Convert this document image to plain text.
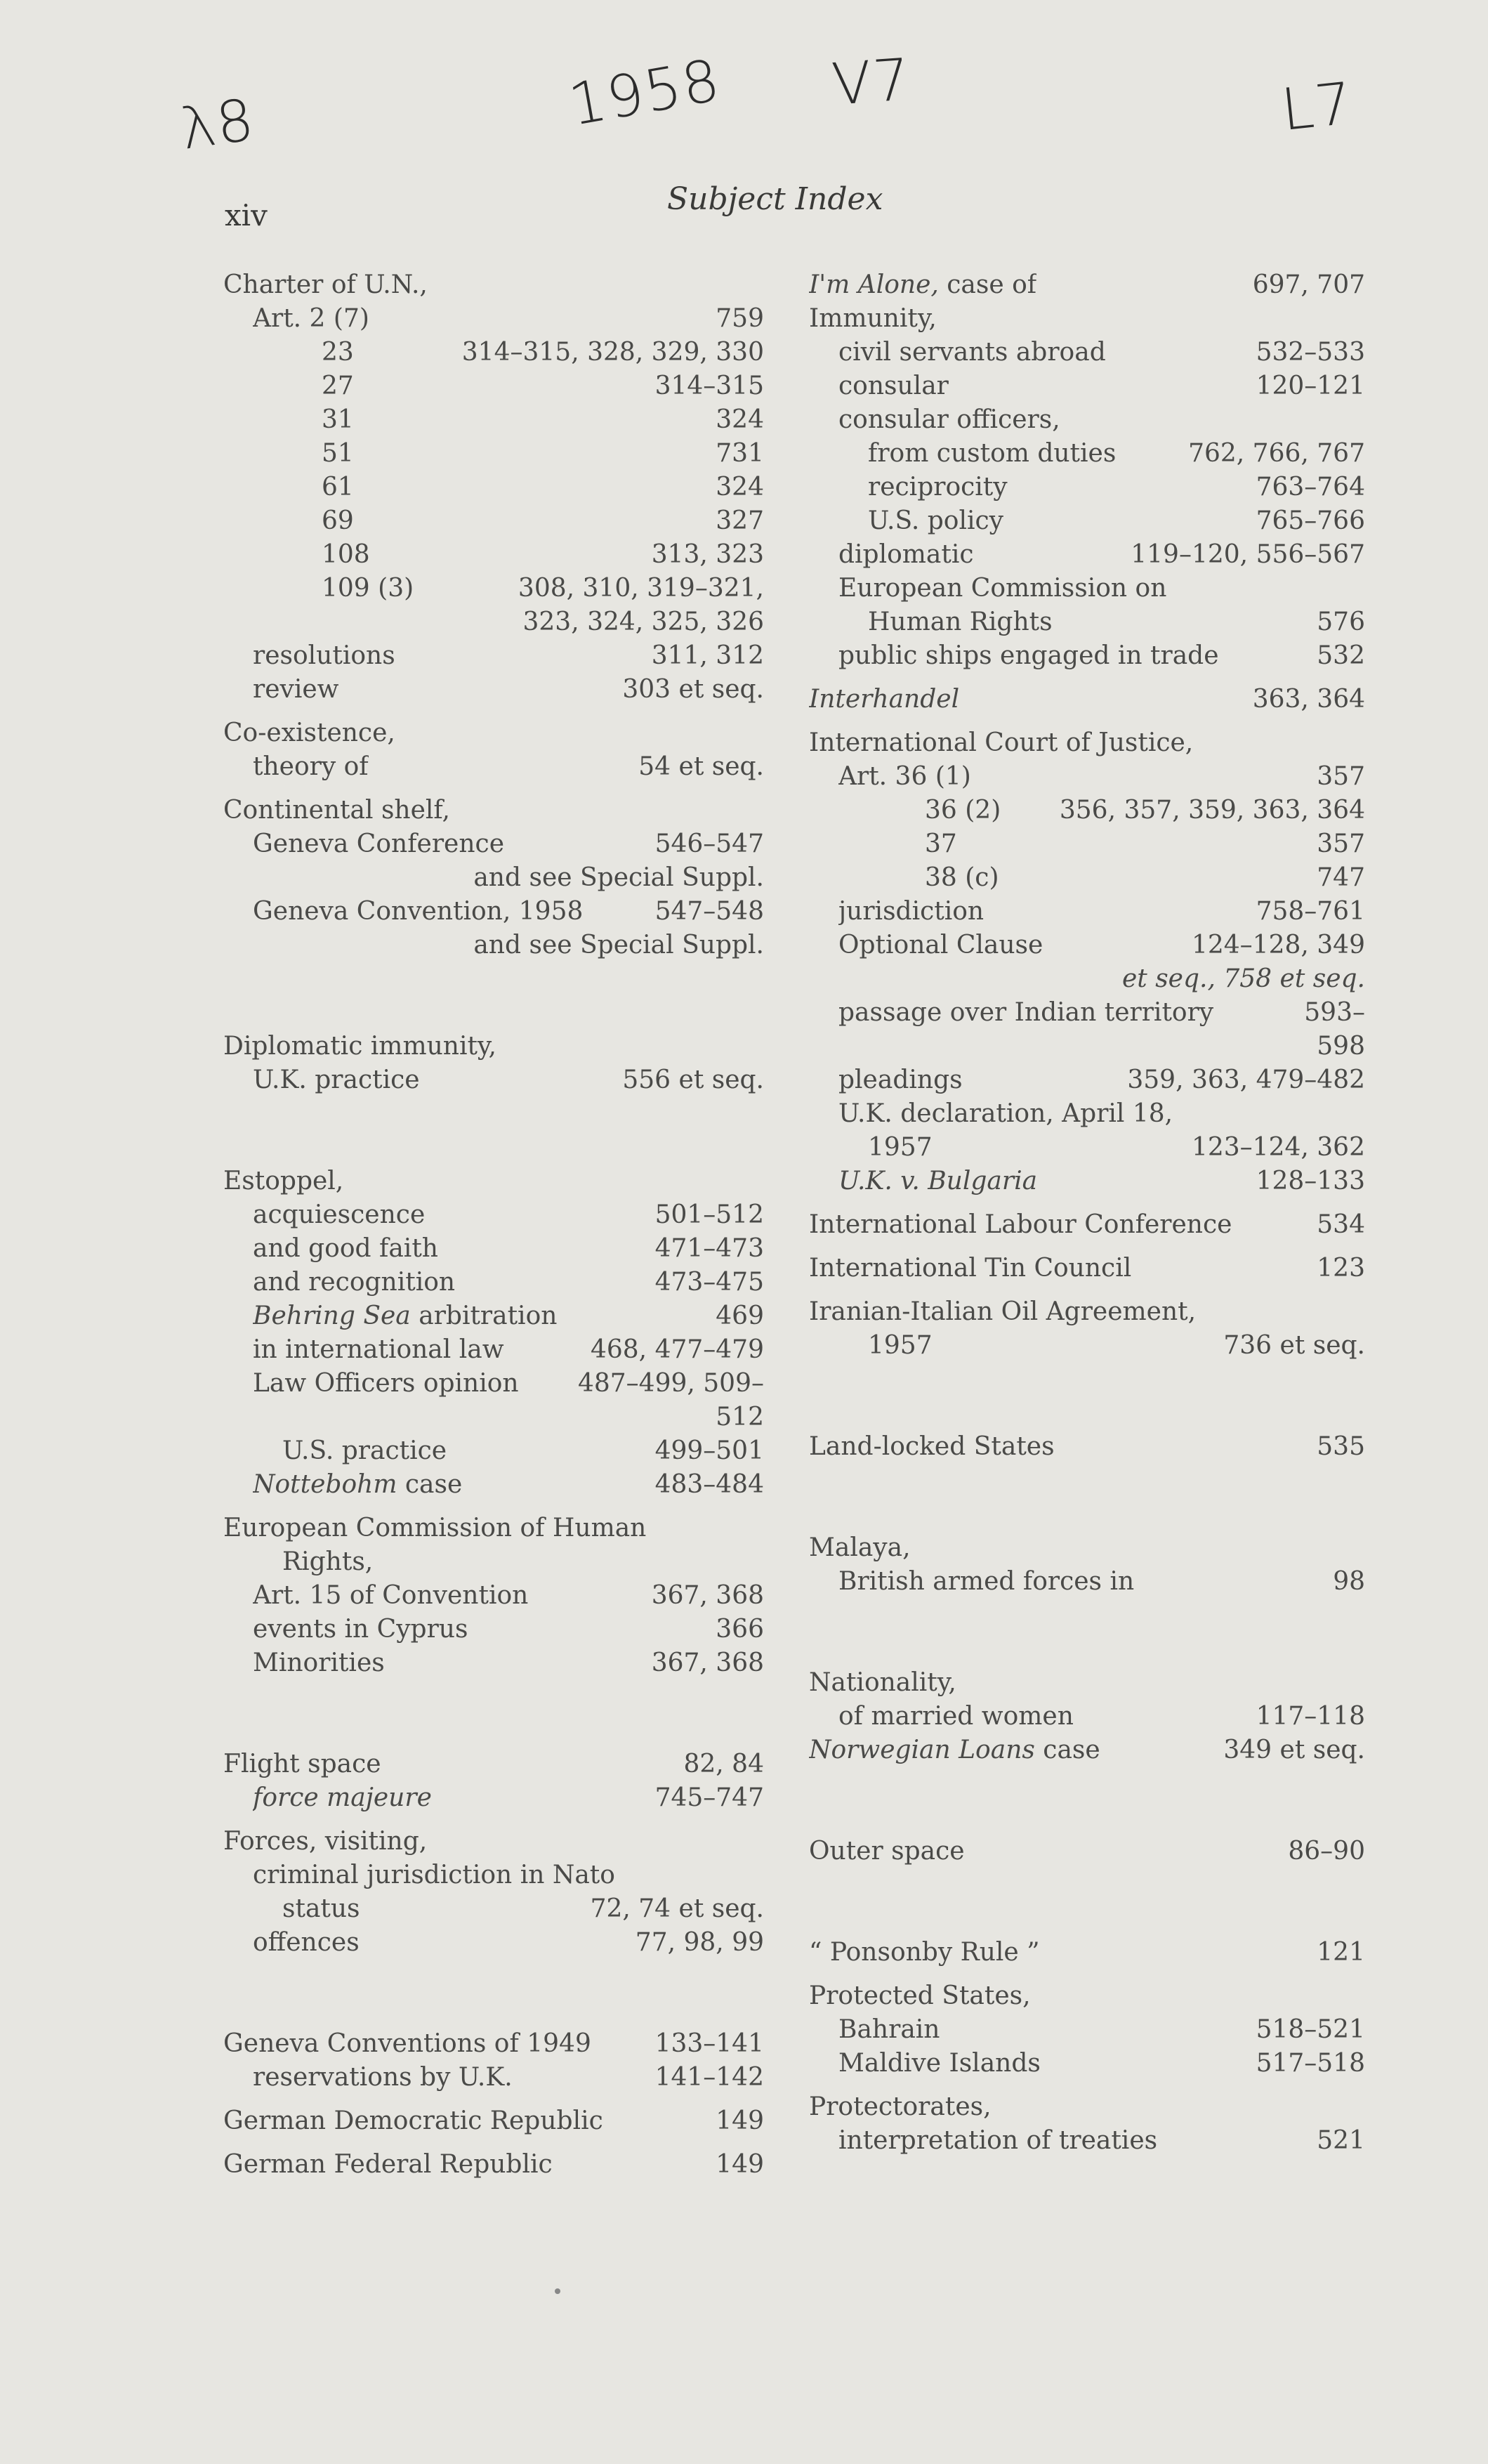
λ8	1958 V7	L7
xiv	Subject Index
Charter of U.N.,
Art. 2 (7)	759
23	314–315, 328, 329, 330
27	314–315
31	324
51	731
61	324
69	327
108	313, 323
109 (3)	308, 310, 319–321,
323, 324, 325, 326
resolutions	311, 312
review	303 et seq.
Co-existence,
theory of	54 et seq.
Continental shelf,
Geneva Conference	546–547
and see Special Suppl.
Geneva Convention, 1958	547–548
and see Special Suppl.
Diplomatic immunity,
U.K. practice	556 et seq.
Estoppel,
acquiescence	501–512
and good faith	471–473
and recognition	473–475
Behring Sea arbitration	469
in international law	468, 477–479
Law Officers opinion 487–499, 509–
512
U.S. practice	499–501
Nottebohm case	483–484
European Commission of Human
Rights,
Art. 15 of Convention	367, 368
events in Cyprus	366
Minorities	367, 368
Flight space	82, 84
force majeure	745–747
Forces, visiting,
criminal jurisdiction in Nato
status	72, 74 et seq.
offences	77, 98, 99
Geneva Conventions of 1949	133–141
reservations by U.K.	141–142
German Democratic Republic	149
German Federal Republic	149
I'm Alone, case of	697, 707
Immunity,
civil servants abroad	532–533
consular	120–121
consular officers,
from custom duties	762, 766, 767
reciprocity	763–764
U.S. policy	765–766
diplomatic	119–120, 556–567
European Commission on
Human Rights	576
public ships engaged in trade	532
Interhandel	363, 364
International Court of Justice,
Art. 36 (1)	357
36 (2) 356, 357, 359, 363, 364
37	357
38 (c)	747
jurisdiction	758–761
Optional Clause	124–128, 349
et seq., 758 et seq.
passage over Indian territory	593–
598
pleadings	359, 363, 479–482
U.K. declaration, April 18,
1957	123–124, 362
U.K. v. Bulgaria	128–133
International Labour Conference	534
International Tin Council	123
Iranian-Italian Oil Agreement,
1957	736 et seq.
Land-locked States	535
Malaya,
British armed forces in	98
Nationality,
of married women	117–118
Norwegian Loans case	349 et seq.
Outer space	86–90
“ Ponsonby Rule ”	121
Protected States,
Bahrain	518–521
Maldive Islands	517–518
Protectorates,
interpretation of treaties	521
